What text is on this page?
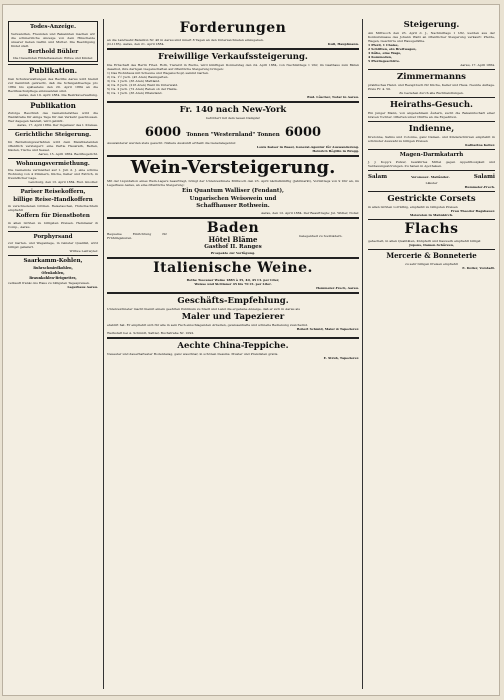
Todes-Anzeige.

Verwandten, Freunden und Bekannten machen wir die schmerzliche Anzeige von dem Hinscheide unserer lieben Gattin und Mutter. Die Beerdigung findet statt.

Berthold Bühler

Die trauernden Hinterlassenen: Witwe und Kinder.

Publikation.

Den Schulverwaltungen des Bezirks Aarau wird hiemit zur Kenntniß gebracht, daß die Schulgeldbezüge pro 1884 bis spätestens den 20. April 1884 an die Bezirksschulpflege einzusenden sind.

Aarau, den 19. April 1884. Die Bezirksverwaltung.

Publikation

Zufolge Beschluß des Gemeinderathes wird die Waldstraße für einige Tage für den Verkehr geschlossen. Wer dagegen handelt, wird gebüßt.

Aarau, 17. April 1884. Der Ingenieur des I. Kreises.

Gerichtliche Steigerung.

Im Betreibungsverfahren wird dem Meistbietenden öffentlich versteigert: eine Partie Hausrath, Betten, Kästen, Tische und Sessel.

Aarau, 15. April 1884. Bezirksgericht.

Wohnungsvermiethung.

Die Gemeinde vermiethet auf 1. Juli d. J. eine schöne Wohnung von 4 Zimmern, Küche, Keller und Estrich, in freundlicher Lage.

Lenzburg, den 13. April 1884. Rud. Gnodler.

Pariser Reisekoffern,

billige Reise-Handkoffern

in verschiedenen Größen. Reisetaschen, Hutschachteln empfiehlt

Koffern für Dienstboten

in allen Größen zu billigsten Preisen. Hemmeler & Comp., Aarau.

Porphyrsand

zur Garten- und Weganlage, in feinster Qualität, wird billigst geliefert.

Wittwe Lentwyler.

Saarkamm-Kohlen,

Ruhrschmiedkohlen,

Ofenkohlen,

Braunkohlen-Briquettes,

verkauft franko ins Haus zu billigsten Tagespreisen.

Lagerhaus Aarau.

Forderungen

an die Landwehr-Bataillon Nr. 46 in Aarau sind innert 8 Tagen an den Unterzeichneten einzugeben.

(D-1185). Aarau, den 21. April 1884.	Kull, Hauptmann.

Freiwillige Verkaufssteigerung.

Die Erbschaft des Herrn Fried. Roth, Tierarzt in Buchs, wird künftigen Donnerstag den 24. April 1884, von Nachmittags 1 Uhr, im Gasthaus zum Bären daselbst, ihre darügen Liegenschaften auf öffentliche Steigerung bringen:

1) Das Wohnhaus mit Scheune und Wagenschopf, sammt Garten.

2) Ca. 1½ Juch. (45 Aren) Baumgarten.

3) Ca. 1 Juch. (36 Aren) Mattland.

4) Ca. 6 Juch. (216 Aren) Wald im Unterwald.

5) Ca. 2 Juch. (72 Aren) Reben ob der Halde.

6) Ca. 1 Juch. (36 Aren) Pflanzland.

Rud. Lüscher, Notar in Aarau.

Fr. 140 nach New-York

befördert mit dem neuen Dampfer

6000 Tonnen "Westernland" Tonnen 6000

Auswanderer werden stets gesucht. Nähere Auskunft ertheilt die Generalagentur.

Louis Kaiser in Basel, General-Agentur für Auswanderung.

Heinrich Bögtlin in Brugg.

Wein-Versteigerung.

Mit der Liquidation eines Wein-Lagers beauftragt, bringt der Unterzeichnete Mittwoch den 23. April nächstkünftig (Jahrmarkt), Vormittags von 9 Uhr an, im Lagerhaus Aarau, an eine öffentliche Steigerung:

Ein Quantum Walliser (Fendant),

Ungarischen Weisswein und

Schaffhauser Rothwein.

Aarau, den 12. April 1884. Der Beauftragte: Jul. Widler, Notar.

Bequeme Einrichtung für Frühlingskuren.

Baden

Hôtel Bläme

Gasthof II. Ranges

Gelegenheit zu Soolbädern.

Prospekte zur Verfügung.

Italienische Weine.

Rothe Toscaner Weine 1883 à 35, 40, 45 Ct. per Liter,

Weisse und Sicilianer 45 bis 70 Ct. per Liter.

Hemmeler-Frech, Aarau.

Geschäfts-Empfehlung.

Unterzeichneter macht hiemit einem geehrten Publikum zu Stadt und Land die ergebene Anzeige, daß er sich in Aarau als

Maler und Tapezierer

etablirt hat. Er empfiehlt sich für alle in sein Fach einschlagenden Arbeiten, gewissenhafte und schnelle Bedienung zusichernd.

Robert Schmid, Maler & Tapezierer.

Werkstatt bei A. Schmidt, Sattler, Buchstraße Nr. 1092.

Aechte China-Teppiche.

Neuester und dauerhaftester Bodenbelag, ganz waschbar, in schönen Dessins. Muster und Preislisten gratis.

E. Strub, Tapezierer.

Steigerung.

Am Mittwoch den 23. April d. J., Nachmittags 1 Uhr, werden aus der Konkursmasse des Johann Walti an öffentlicher Steigerung verkauft: Pferde, Wagen, Geschirre und Hausgeräthe.

1 Pferd, 1 Chaise,

2 Schlitten, ein Breitwagen,

3 Kühe, eine Wage,

4 Kommoden,

5 Pferdegeschirre.

Aarau, 17. April 1884.

Zimmermanns

praktisches Hand- und Rezeptbuch für Küche, Keller und Haus. Neunte Auflage. Preis Fr. 4. 50.

Zu beziehen durch alle Buchhandlungen.

Heiraths-Gesuch.

Ein junger Mann, von angenehmem Äußern, sucht die Bekanntschaft einer braven Tochter. Offerten unter Chiffre an die Expedition.

Indienne,

Kretonne, Satins und Cotonne, ganz Damen- und Kinderschürzen empfiehlt in schönster Auswahl zu billigen Preisen

Katharina Keller.

Magen-Darmkatarrh

J. J. Kopp's Pulver, bewährtes Mittel gegen Appetitlosigkeit und Verdauungsstörungen. Zu haben in Apotheken.

Salam	Veroneser- Mailänder-	Salami

Läkster

Hemmeler-Frech.

Gestrickte Corsets

in allen Größen vorräthig, empfiehlt zu billigsten Preisen

Frau Theodor Ragshauer.

Meiereien in Mahnkirch.

Flachs

gehechelt, in allen Qualitäten, Knüpferli und Kauwerk empfiehlt billigst

Jupons, Damen-Schürzen,

Mercerie & Bonneterie

zu sehr billigen Preisen empfiehlt

E. Doller, Vorstadt.
